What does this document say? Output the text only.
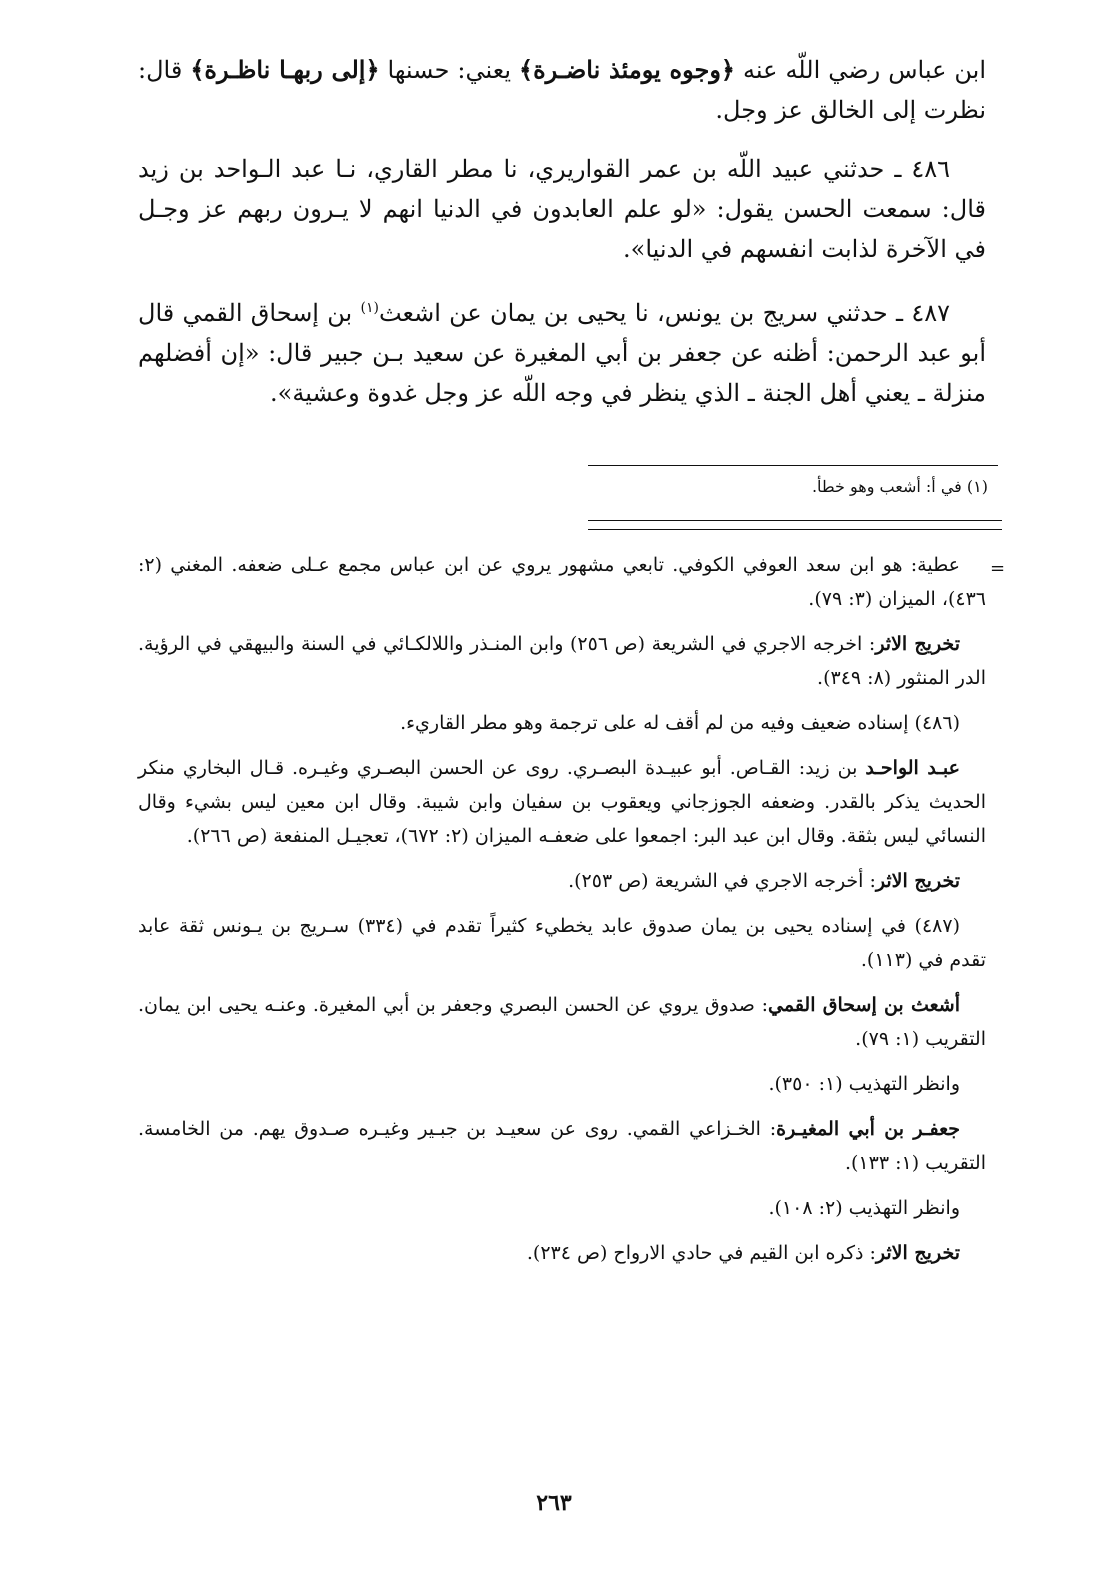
ابن عباس رضي اللّه عنه ﴿وجوه يومئذ ناضـرة﴾ يعني: حسنها ﴿إلى ربهـا ناظـرة﴾ قال: نظرت إلى الخالق عز وجل.

٤٨٦ ـ حدثني عبيد اللّه بن عمر القواريري، نا مطر القاري، نـا عبد الـواحد بن زيد قال: سمعت الحسن يقول: «لو علم العابدون في الدنيا انهم لا يـرون ربهم عز وجـل في الآخرة لذابت انفسهم في الدنيا».

٤٨٧ ـ حدثني سريج بن يونس، نا يحيى بن يمان عن اشعث$^{(١)}$ بن إسحاق القمي قال أبو عبد الرحمن: أظنه عن جعفر بن أبي المغيرة عن سعيد بـن جبير قال: «إن أفضلهم منزلة ـ يعني أهل الجنة ـ الذي ينظر في وجه اللّه عز وجل غدوة وعشية».

(١) في أ: أشعب وهو خطأ.
=

عطية: هو ابن سعد العوفي الكوفي. تابعي مشهور يروي عن ابن عباس مجمع عـلى ضعفه. المغني (٢: ٤٣٦)، الميزان (٣: ٧٩).

تخريج الاثر: اخرجه الاجري في الشريعة (ص ٢٥٦) وابن المنـذر واللالكـائي في السنة والبيهقي في الرؤية. الدر المنثور (٨: ٣٤٩).

(٤٨٦) إسناده ضعيف وفيه من لم أقف له على ترجمة وهو مطر القاريء.

عبـد الواحـد بن زيد: القـاص. أبو عبيـدة البصـري. روى عن الحسن البصـري وغيـره. قـال البخاري منكر الحديث يذكر بالقدر. وضعفه الجوزجاني ويعقوب بن سفيان وابن شيبة. وقال ابن معين ليس بشيء وقال النسائي ليس بثقة. وقال ابن عبد البر: اجمعوا على ضعفـه الميزان (٢: ٦٧٢)، تعجيـل المنفعة (ص ٢٦٦).

تخريج الاثر: أخرجه الاجري في الشريعة (ص ٢٥٣).

(٤٨٧) في إسناده يحيى بن يمان صدوق عابد يخطيء كثيراً تقدم في (٣٣٤) سـريج بن يـونس ثقة عابد تقدم في (١١٣).

أشعث بن إسحاق القمي: صدوق يروي عن الحسن البصري وجعفر بن أبي المغيرة. وعنـه يحيى ابن يمان. التقريب (١: ٧٩).

وانظر التهذيب (١: ٣٥٠).

جعفـر بن أبي المغيـرة: الخـزاعي القمي. روى عن سعيـد بن جبـير وغيـره صـدوق يهم. من الخامسة. التقريب (١: ١٣٣).

وانظر التهذيب (٢: ١٠٨).

تخريج الاثر: ذكره ابن القيم في حادي الارواح (ص ٢٣٤).

٢٦٣
